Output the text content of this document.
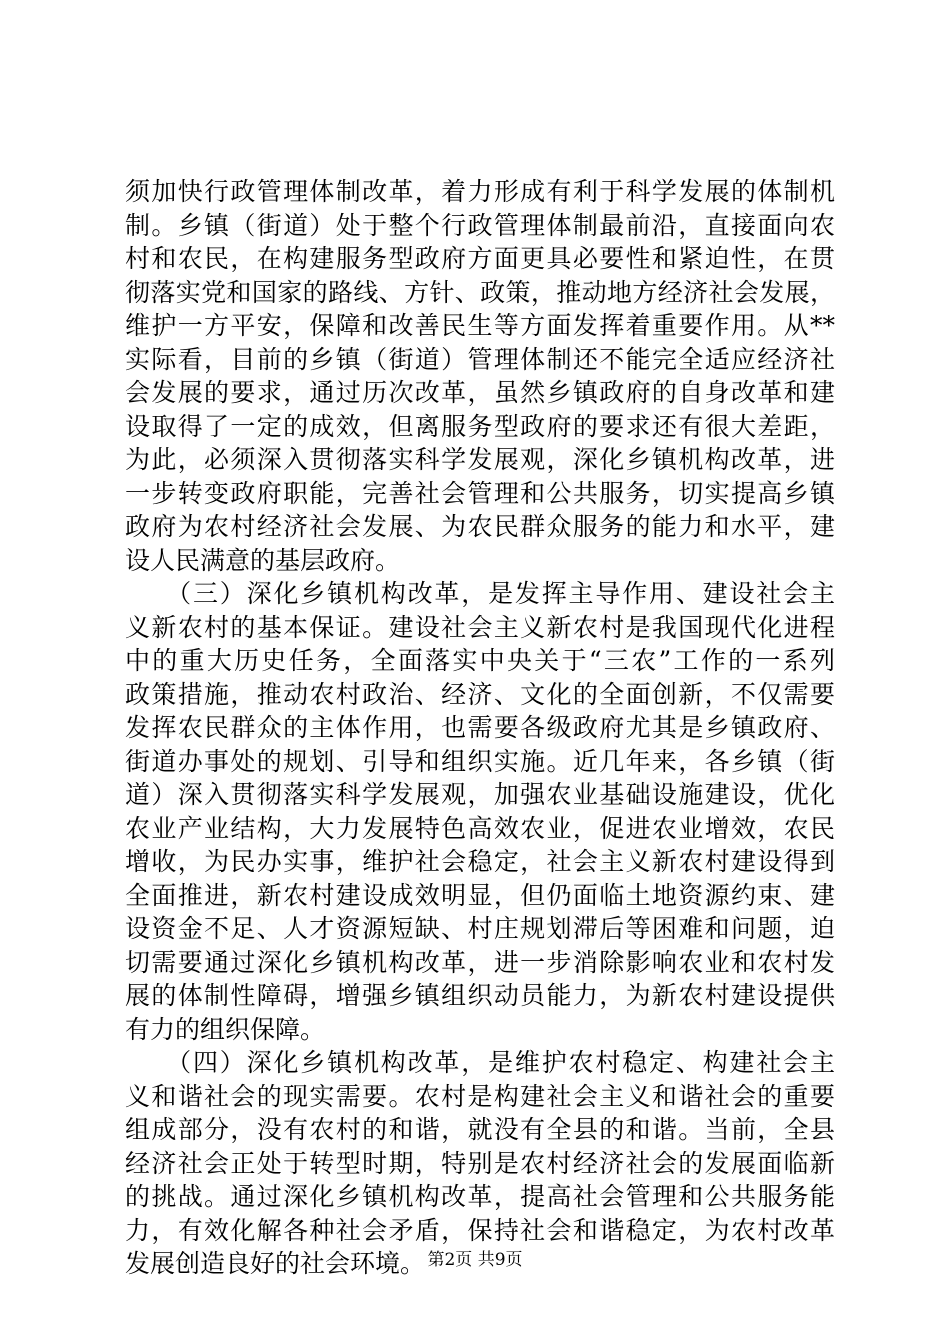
须加快行政管理体制改革，着力形成有利于科学发展的体制机
制。乡镇（街道）处于整个行政管理体制最前沿，直接面向农
村和农民，在构建服务型政府方面更具必要性和紧迫性，在贯
彻落实党和国家的路线、方针、政策，推动地方经济社会发展，
维护一方平安，保障和改善民生等方面发挥着重要作用。从**
实际看，目前的乡镇（街道）管理体制还不能完全适应经济社
会发展的要求，通过历次改革，虽然乡镇政府的自身改革和建
设取得了一定的成效，但离服务型政府的要求还有很大差距，
为此，必须深入贯彻落实科学发展观，深化乡镇机构改革，进
一步转变政府职能，完善社会管理和公共服务，切实提高乡镇
政府为农村经济社会发展、为农民群众服务的能力和水平，建
设人民满意的基层政府。
　　（三）深化乡镇机构改革，是发挥主导作用、建设社会主
义新农村的基本保证。建设社会主义新农村是我国现代化进程
中的重大历史任务，全面落实中央关于“三农”工作的一系列
政策措施，推动农村政治、经济、文化的全面创新，不仅需要
发挥农民群众的主体作用，也需要各级政府尤其是乡镇政府、
街道办事处的规划、引导和组织实施。近几年来，各乡镇（街
道）深入贯彻落实科学发展观，加强农业基础设施建设，优化
农业产业结构，大力发展特色高效农业，促进农业增效，农民
增收，为民办实事，维护社会稳定，社会主义新农村建设得到
全面推进，新农村建设成效明显，但仍面临土地资源约束、建
设资金不足、人才资源短缺、村庄规划滞后等困难和问题，迫
切需要通过深化乡镇机构改革，进一步消除影响农业和农村发
展的体制性障碍，增强乡镇组织动员能力，为新农村建设提供
有力的组织保障。
　　（四）深化乡镇机构改革，是维护农村稳定、构建社会主
义和谐社会的现实需要。农村是构建社会主义和谐社会的重要
组成部分，没有农村的和谐，就没有全县的和谐。当前，全县
经济社会正处于转型时期，特别是农村经济社会的发展面临新
的挑战。通过深化乡镇机构改革，提高社会管理和公共服务能
力，有效化解各种社会矛盾，保持社会和谐稳定，为农村改革
发展创造良好的社会环境。 第2页 共9页
